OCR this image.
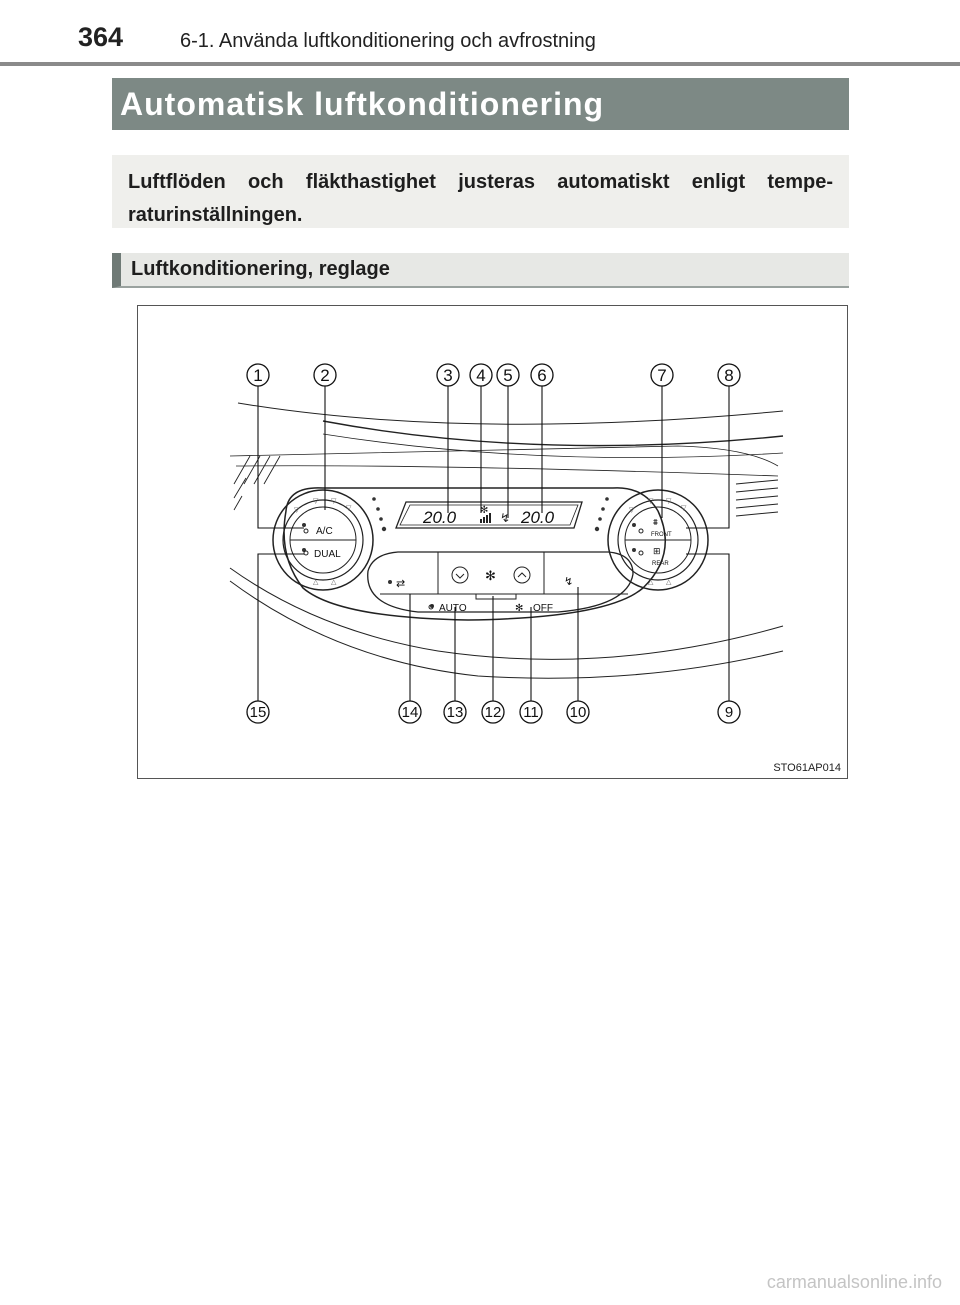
364	6-1. Använda luftkonditionering och avfrostning
Automatisk luftkonditionering
Luftflöden och fläkthastighet justeras automatiskt enligt tempe-raturinställningen.
Luftkonditionering, reglage
▽ ▽
▽
▽
▽ ▽
▽
▽
△ △	△ △
20.0	20.0
✻
↯
A/C
DUAL
⩩
FRONT
⊞
REAR
⇄
✻	↯
AUTO	✻ OFF
1	2	3 4 5 6	7	8
15	14 13 12 11 10	9
STO61AP014
carmanualsonline.info
